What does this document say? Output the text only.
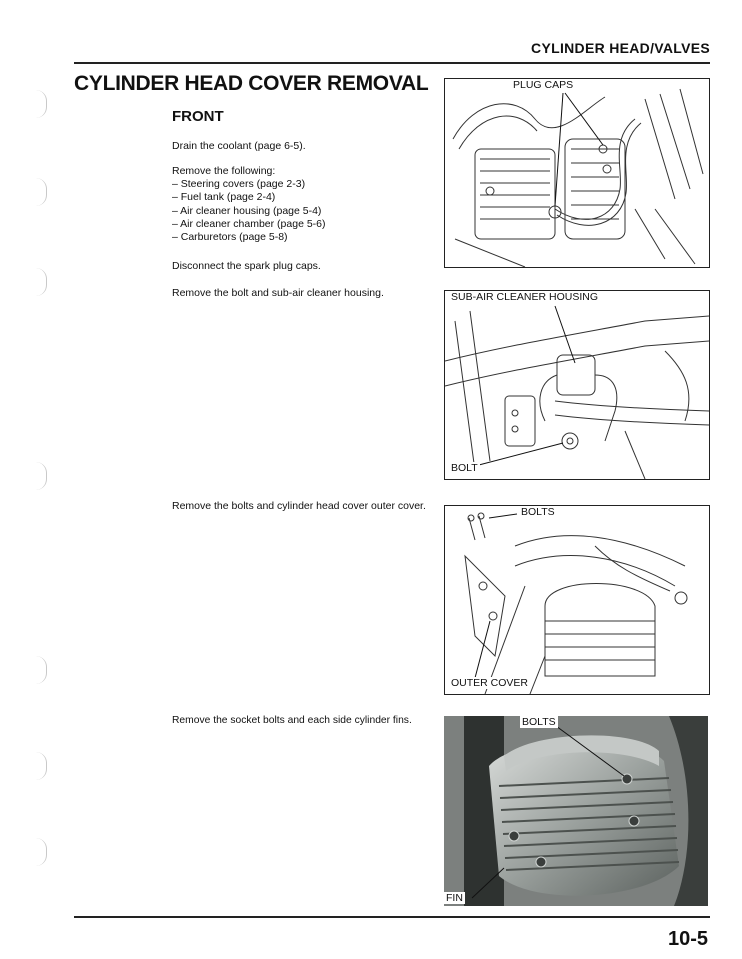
CYLINDER HEAD/VALVES
CYLINDER HEAD COVER REMOVAL
FRONT
Drain the coolant (page 6-5).
Remove the following:
– Steering covers (page 2-3)
– Fuel tank (page 2-4)
– Air cleaner housing (page 5-4)
– Air cleaner chamber (page 5-6)
– Carburetors (page 5-8)
Disconnect the spark plug caps.
Remove the bolt and sub-air cleaner housing.
Remove the bolts and cylinder head cover outer cover.
Remove the socket bolts and each side cylinder fins.
PLUG CAPS
SUB-AIR CLEANER HOUSING
BOLT
BOLTS
OUTER COVER
BOLTS
FIN
10-5
